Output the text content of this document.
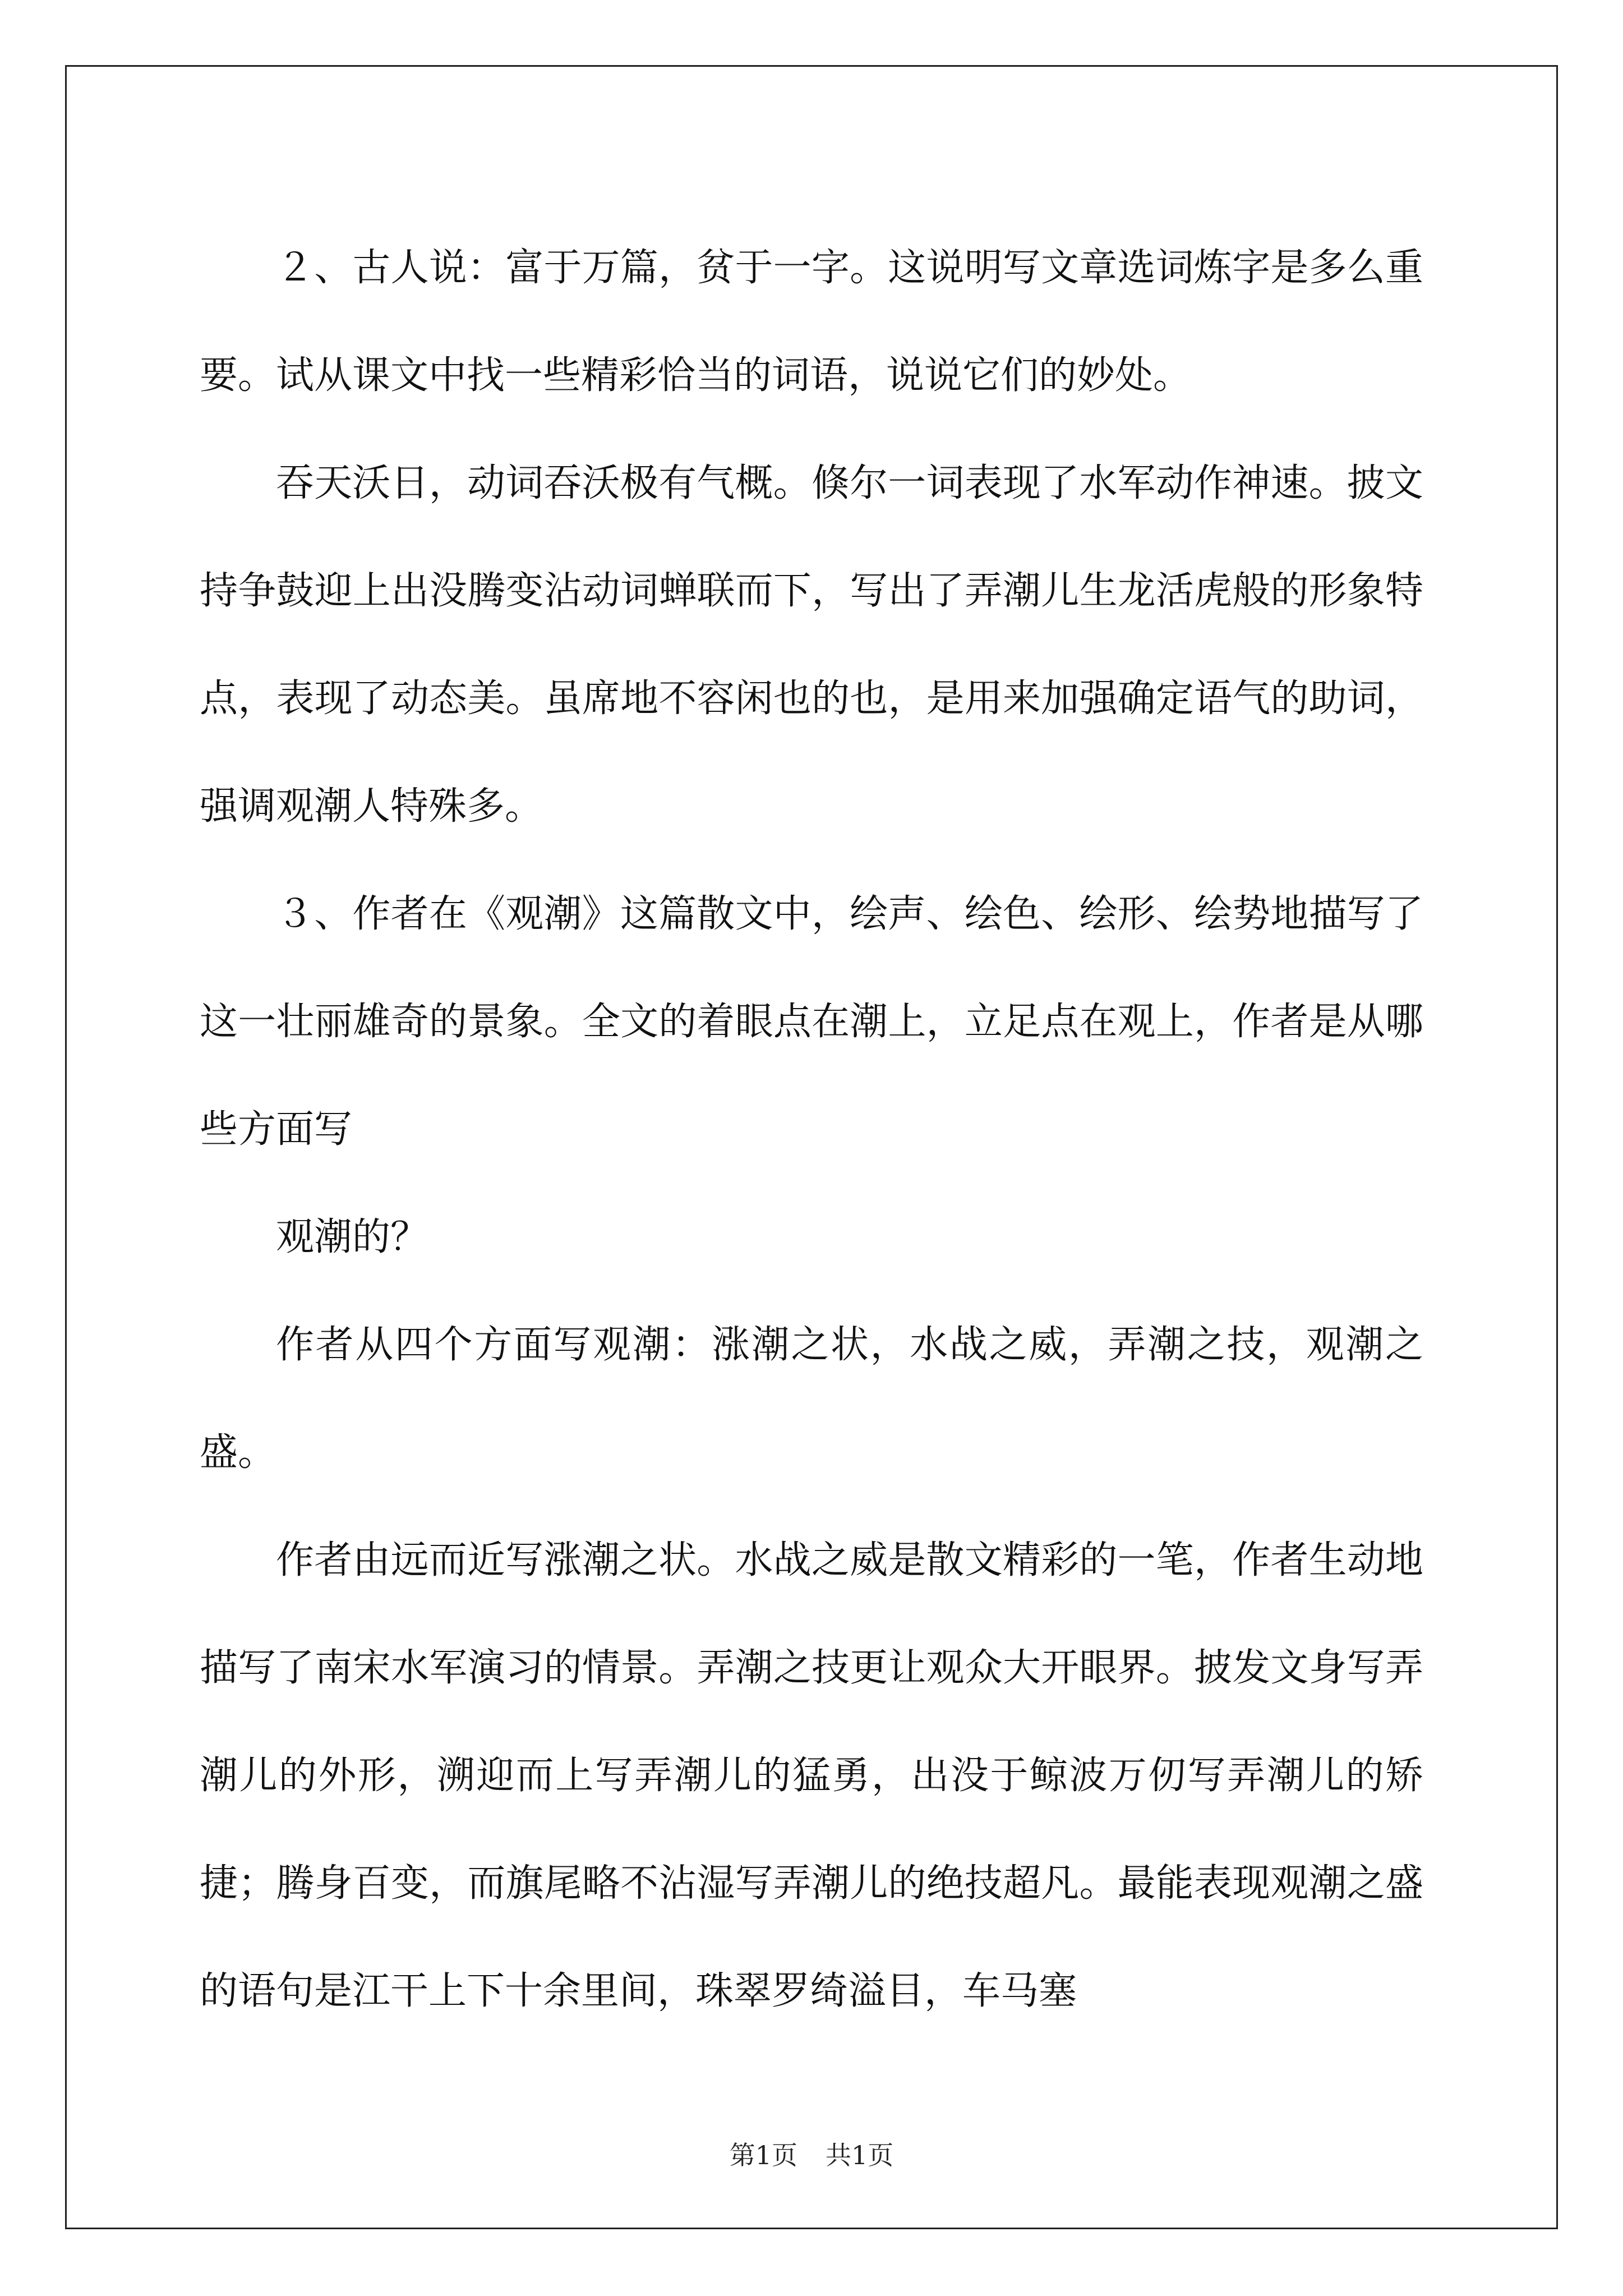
２、古人说：富于万篇，贫于一字。这说明写文章选词炼字是多么重要。试从课文中找一些精彩恰当的词语，说说它们的妙处。

吞天沃日，动词吞沃极有气概。倏尔一词表现了水军动作神速。披文持争鼓迎上出没腾变沾动词蝉联而下，写出了弄潮儿生龙活虎般的形象特点，表现了动态美。虽席地不容闲也的也，是用来加强确定语气的助词，强调观潮人特殊多。

３、作者在《观潮》这篇散文中，绘声、绘色、绘形、绘势地描写了这一壮丽雄奇的景象。全文的着眼点在潮上，立足点在观上，作者是从哪些方面写

观潮的？

作者从四个方面写观潮：涨潮之状，水战之威，弄潮之技，观潮之盛。

作者由远而近写涨潮之状。水战之威是散文精彩的一笔，作者生动地描写了南宋水军演习的情景。弄潮之技更让观众大开眼界。披发文身写弄潮儿的外形，溯迎而上写弄潮儿的猛勇，出没于鲸波万仞写弄潮儿的矫捷；腾身百变，而旗尾略不沾湿写弄潮儿的绝技超凡。最能表现观潮之盛的语句是江干上下十余里间，珠翠罗绮溢目，车马塞

第1页 共1页
